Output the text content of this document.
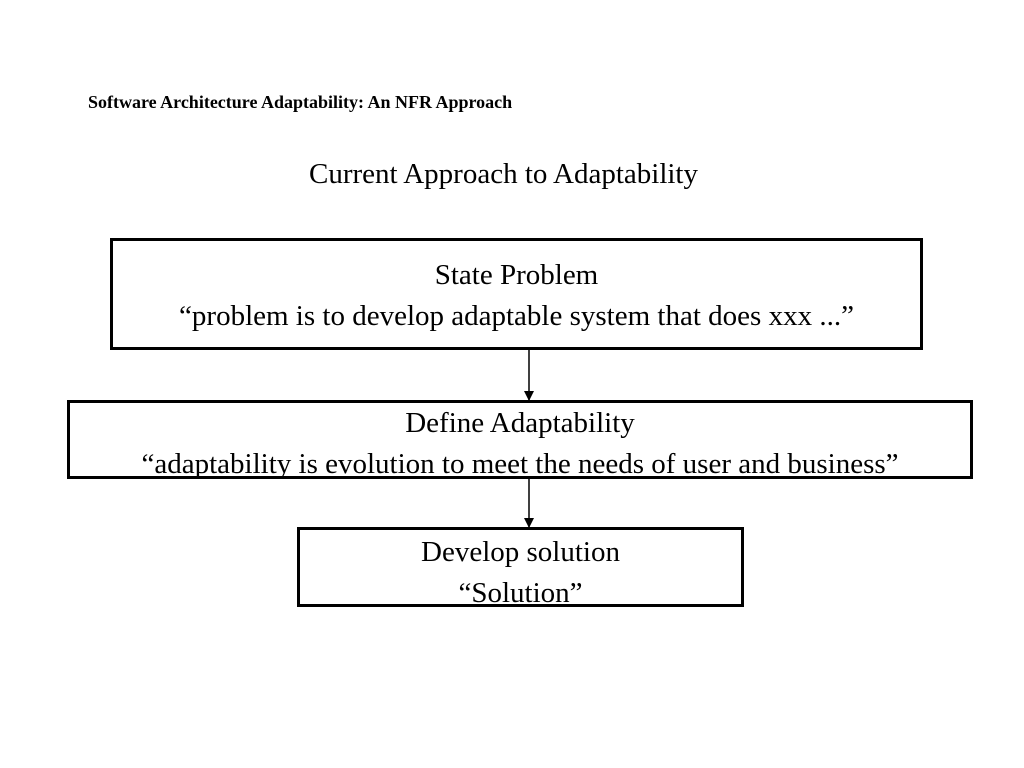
Software Architecture Adaptability: An NFR Approach
Current Approach to Adaptability
State Problem
“problem is to develop adaptable system that does xxx ...”
Define Adaptability
“adaptability is evolution to meet the needs of user and business”
Develop solution
“Solution”
